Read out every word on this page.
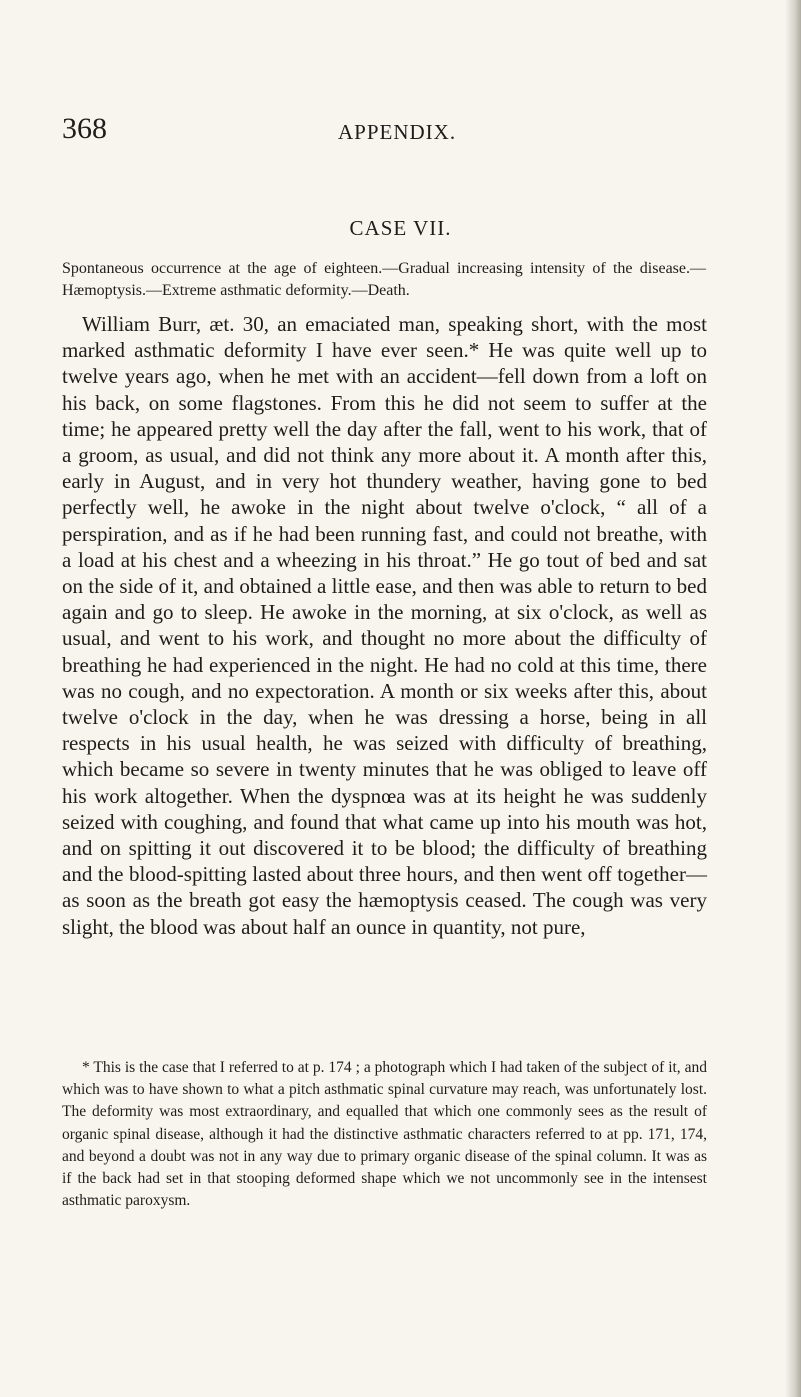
368	APPENDIX.
CASE VII.
Spontaneous occurrence at the age of eighteen.—Gradual increasing intensity of the disease.—Hæmoptysis.—Extreme asthmatic deformity.—Death.

William Burr, æt. 30, an emaciated man, speaking short, with the most marked asthmatic deformity I have ever seen.* He was quite well up to twelve years ago, when he met with an accident—fell down from a loft on his back, on some flagstones. From this he did not seem to suffer at the time; he appeared pretty well the day after the fall, went to his work, that of a groom, as usual, and did not think any more about it. A month after this, early in August, and in very hot thundery weather, having gone to bed perfectly well, he awoke in the night about twelve o'clock, “ all of a perspiration, and as if he had been running fast, and could not breathe, with a load at his chest and a wheezing in his throat.” He go tout of bed and sat on the side of it, and obtained a little ease, and then was able to return to bed again and go to sleep. He awoke in the morning, at six o'clock, as well as usual, and went to his work, and thought no more about the difficulty of breathing he had experienced in the night. He had no cold at this time, there was no cough, and no expectoration. A month or six weeks after this, about twelve o'clock in the day, when he was dressing a horse, being in all respects in his usual health, he was seized with difficulty of breathing, which became so severe in twenty minutes that he was obliged to leave off his work altogether. When the dyspnœa was at its height he was suddenly seized with coughing, and found that what came up into his mouth was hot, and on spitting it out discovered it to be blood; the difficulty of breathing and the blood-spitting lasted about three hours, and then went off together—as soon as the breath got easy the hæmoptysis ceased. The cough was very slight, the blood was about half an ounce in quantity, not pure,

* This is the case that I referred to at p. 174 ; a photograph which I had taken of the subject of it, and which was to have shown to what a pitch asthmatic spinal curvature may reach, was unfortunately lost. The deformity was most extraordinary, and equalled that which one commonly sees as the result of organic spinal disease, although it had the distinctive asthmatic characters referred to at pp. 171, 174, and beyond a doubt was not in any way due to primary organic disease of the spinal column. It was as if the back had set in that stooping deformed shape which we not uncommonly see in the intensest asthmatic paroxysm.
